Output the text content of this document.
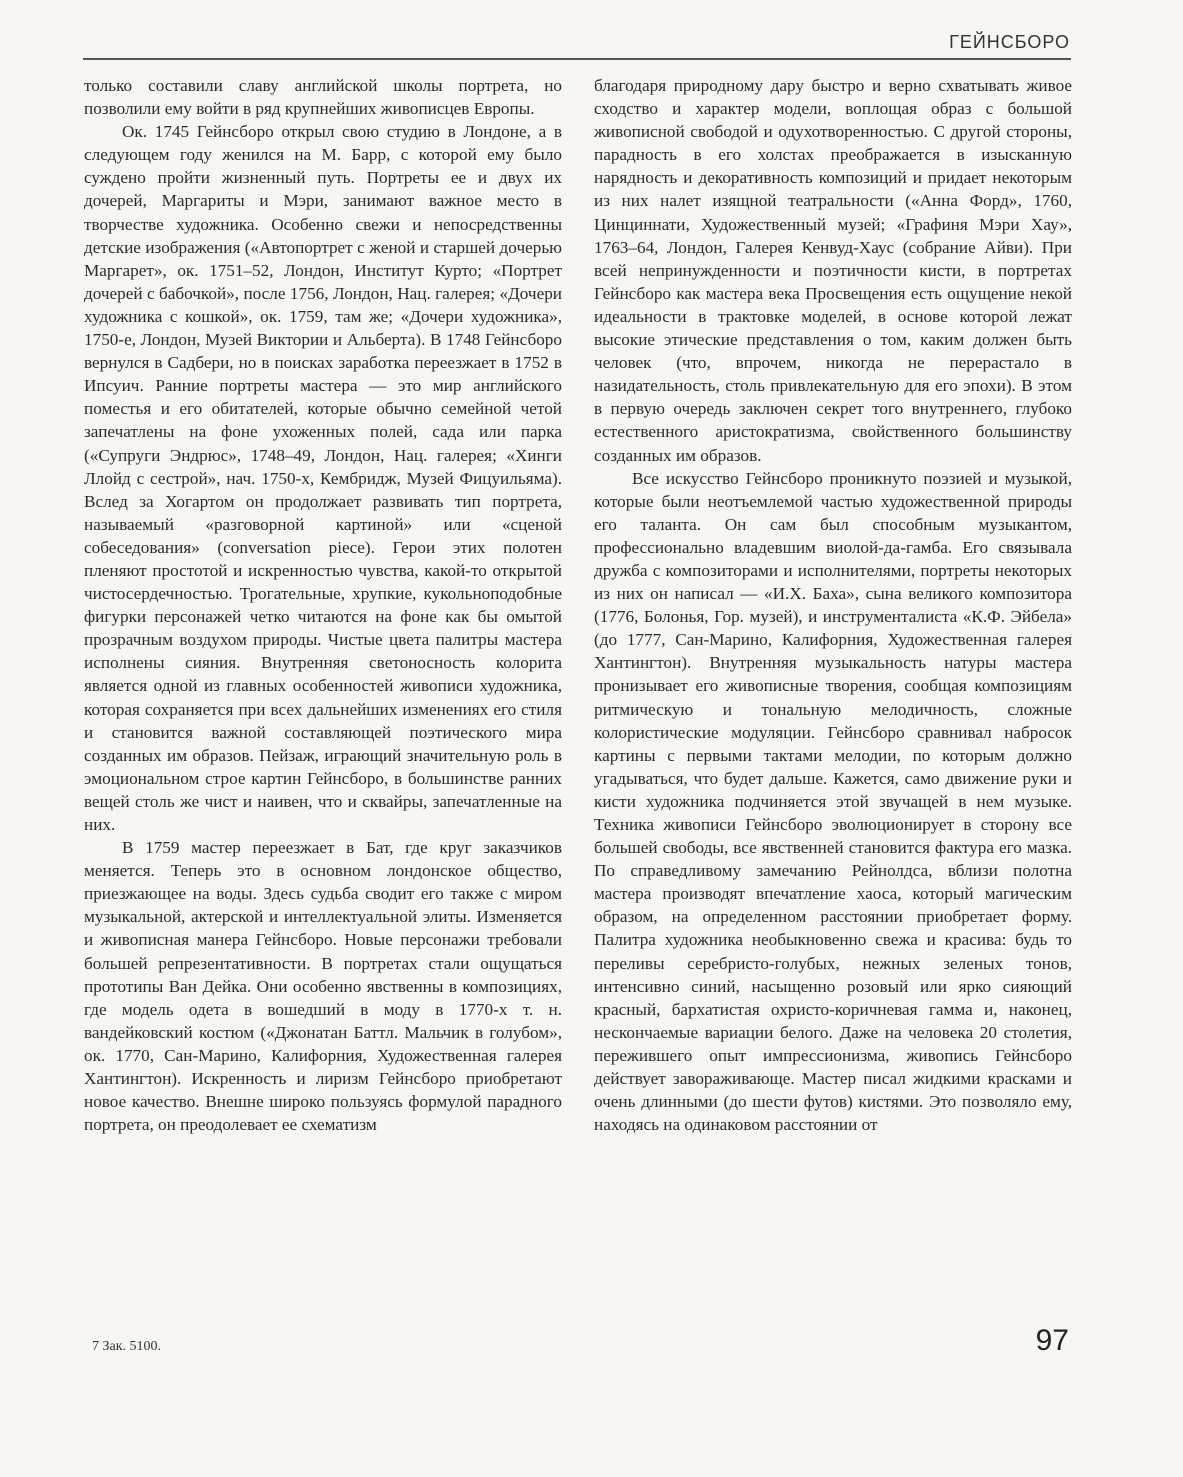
ГЕЙНСБОРО

только составили славу английской школы портрета, но позволили ему войти в ряд крупнейших живописцев Европы.

Ок. 1745 Гейнсборо открыл свою студию в Лондоне, а в следующем году женился на М. Барр, с которой ему было суждено пройти жизненный путь. Портреты ее и двух их дочерей, Маргариты и Мэри, занимают важное место в творчестве художника. Особенно свежи и непосредственны детские изображения («Автопортрет с женой и старшей дочерью Маргарет», ок. 1751–52, Лондон, Институт Курто; «Портрет дочерей с бабочкой», после 1756, Лондон, Нац. галерея; «Дочери художника с кошкой», ок. 1759, там же; «Дочери художника», 1750-е, Лондон, Музей Виктории и Альберта). В 1748 Гейнсборо вернулся в Садбери, но в поисках заработка переезжает в 1752 в Ипсуич. Ранние портреты мастера — это мир английского поместья и его обитателей, которые обычно семейной четой запечатлены на фоне ухоженных полей, сада или парка («Супруги Эндрюс», 1748–49, Лондон, Нац. галерея; «Хинги Ллойд с сестрой», нач. 1750-х, Кембридж, Музей Фицуильяма). Вслед за Хогартом он продолжает развивать тип портрета, называемый «разговорной картиной» или «сценой собеседования» (conversation piece). Герои этих полотен пленяют простотой и искренностью чувства, какой-то открытой чистосердечностью. Трогательные, хрупкие, кукольноподобные фигурки персонажей четко читаются на фоне как бы омытой прозрачным воздухом природы. Чистые цвета палитры мастера исполнены сияния. Внутренняя светоносность колорита является одной из главных особенностей живописи художника, которая сохраняется при всех дальнейших изменениях его стиля и становится важной составляющей поэтического мира созданных им образов. Пейзаж, играющий значительную роль в эмоциональном строе картин Гейнсборо, в большинстве ранних вещей столь же чист и наивен, что и сквайры, запечатленные на них.

В 1759 мастер переезжает в Бат, где круг заказчиков меняется. Теперь это в основном лондонское общество, приезжающее на воды. Здесь судьба сводит его также с миром музыкальной, актерской и интеллектуальной элиты. Изменяется и живописная манера Гейнсборо. Новые персонажи требовали большей репрезентативности. В портретах стали ощущаться прототипы Ван Дейка. Они особенно явственны в композициях, где модель одета в вошедший в моду в 1770-х т. н. вандейковский костюм («Джонатан Баттл. Мальчик в голубом», ок. 1770, Сан-Марино, Калифорния, Художественная галерея Хантингтон). Искренность и лиризм Гейнсборо приобретают новое качество. Внешне широко пользуясь формулой парадного портрета, он преодолевает ее схематизм

благодаря природному дару быстро и верно схватывать живое сходство и характер модели, воплощая образ с большой живописной свободой и одухотворенностью. С другой стороны, парадность в его холстах преображается в изысканную нарядность и декоративность композиций и придает некоторым из них налет изящной театральности («Анна Форд», 1760, Цинциннати, Художественный музей; «Графиня Мэри Хау», 1763–64, Лондон, Галерея Кенвуд-Хаус (собрание Айви). При всей непринужденности и поэтичности кисти, в портретах Гейнсборо как мастера века Просвещения есть ощущение некой идеальности в трактовке моделей, в основе которой лежат высокие этические представления о том, каким должен быть человек (что, впрочем, никогда не перерастало в назидательность, столь привлекательную для его эпохи). В этом в первую очередь заключен секрет того внутреннего, глубоко естественного аристократизма, свойственного большинству созданных им образов.

Все искусство Гейнсборо проникнуто поэзией и музыкой, которые были неотъемлемой частью художественной природы его таланта. Он сам был способным музыкантом, профессионально владевшим виолой-да-гамба. Его связывала дружба с композиторами и исполнителями, портреты некоторых из них он написал — «И.Х. Баха», сына великого композитора (1776, Болонья, Гор. музей), и инструменталиста «К.Ф. Эйбела» (до 1777, Сан-Марино, Калифорния, Художественная галерея Хантингтон). Внутренняя музыкальность натуры мастера пронизывает его живописные творения, сообщая композициям ритмическую и тональную мелодичность, сложные колористические модуляции. Гейнсборо сравнивал набросок картины с первыми тактами мелодии, по которым должно угадываться, что будет дальше. Кажется, само движение руки и кисти художника подчиняется этой звучащей в нем музыке. Техника живописи Гейнсборо эволюционирует в сторону все большей свободы, все явственней становится фактура его мазка. По справедливому замечанию Рейнолдса, вблизи полотна мастера производят впечатление хаоса, который магическим образом, на определенном расстоянии приобретает форму. Палитра художника необыкновенно свежа и красива: будь то переливы серебристо-голубых, нежных зеленых тонов, интенсивно синий, насыщенно розовый или ярко сияющий красный, бархатистая охристо-коричневая гамма и, наконец, нескончаемые вариации белого. Даже на человека 20 столетия, пережившего опыт импрессионизма, живопись Гейнсборо действует завораживающе. Мастер писал жидкими красками и очень длинными (до шести футов) кистями. Это позволяло ему, находясь на одинаковом расстоянии от

7 Зак. 5100.	97
